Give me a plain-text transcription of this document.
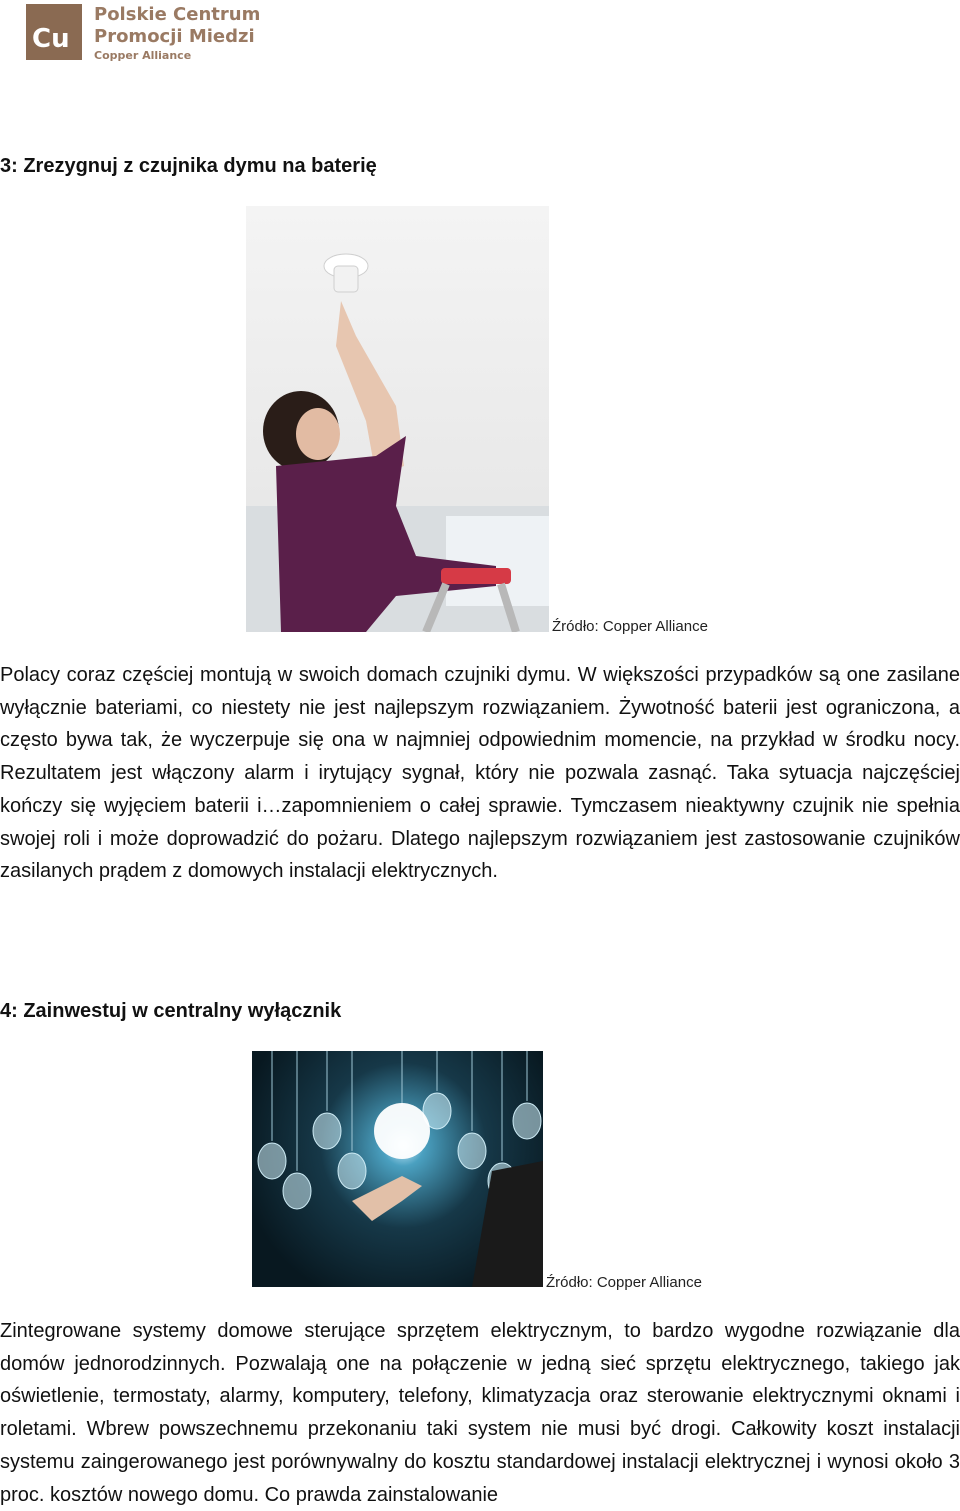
Cu
Polskie Centrum
Promocji Miedzi
Copper Alliance
3: Zrezygnuj z czujnika dymu na baterię
Źródło: Copper Alliance

Polacy coraz częściej montują w swoich domach czujniki dymu. W większości przypadków są one zasilane wyłącznie bateriami, co niestety nie jest najlepszym rozwiązaniem. Żywotność baterii jest ograniczona, a często bywa tak, że wyczerpuje się ona w najmniej odpowiednim momencie, na przykład w środku nocy. Rezultatem jest włączony alarm i irytujący sygnał, który nie pozwala zasnąć. Taka sytuacja najczęściej kończy się wyjęciem baterii i…zapomnieniem o całej sprawie. Tymczasem nieaktywny czujnik nie spełnia swojej roli i może doprowadzić do pożaru. Dlatego najlepszym rozwiązaniem jest zastosowanie czujników zasilanych prądem z domowych instalacji elektrycznych.

4: Zainwestuj w centralny wyłącznik
Źródło: Copper Alliance

Zintegrowane systemy domowe sterujące sprzętem elektrycznym, to bardzo wygodne rozwiązanie dla domów jednorodzinnych. Pozwalają one na połączenie w jedną sieć sprzętu elektrycznego, takiego jak oświetlenie, termostaty, alarmy, komputery, telefony, klimatyzacja oraz sterowanie elektrycznymi oknami i roletami. Wbrew powszechnemu przekonaniu taki system nie musi być drogi. Całkowity koszt instalacji systemu zaingerowanego jest porównywalny do kosztu standardowej instalacji elektrycznej i wynosi około 3 proc. kosztów nowego domu. Co prawda zainstalowanie
